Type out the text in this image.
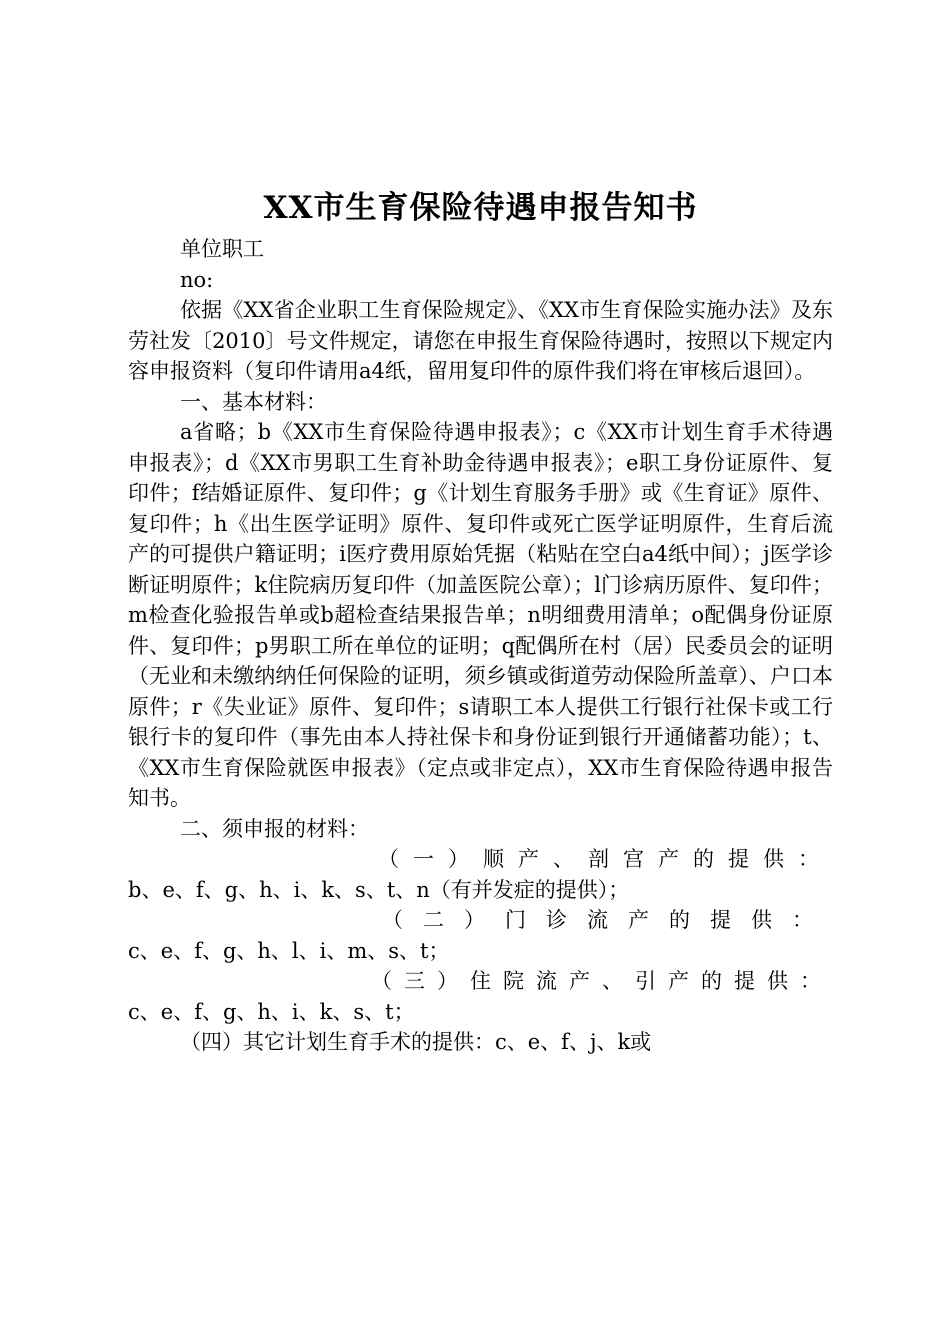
XX市生育保险待遇申报告知书

单位职工

no:

依据《XX省企业职工生育保险规定》、《XX市生育保险实施办法》及东劳社发〔2010〕号文件规定，请您在申报生育保险待遇时，按照以下规定内容申报资料（复印件请用a4纸，留用复印件的原件我们将在审核后退回）。

一、基本材料：

a省略；b《XX市生育保险待遇申报表》；c《XX市计划生育手术待遇申报表》；d《XX市男职工生育补助金待遇申报表》；e职工身份证原件、复印件；f结婚证原件、复印件；g《计划生育服务手册》或《生育证》原件、复印件；h《出生医学证明》原件、复印件或死亡医学证明原件，生育后流产的可提供户籍证明；i医疗费用原始凭据（粘贴在空白a4纸中间）；j医学诊断证明原件；k住院病历复印件（加盖医院公章）；l门诊病历原件、复印件；m检查化验报告单或b超检查结果报告单；n明细费用清单；o配偶身份证原件、复印件；p男职工所在单位的证明；q配偶所在村（居）民委员会的证明（无业和未缴纳纳任何保险的证明，须乡镇或街道劳动保险所盖章）、户口本原件；r《失业证》原件、复印件；s请职工本人提供工行银行社保卡或工行银行卡的复印件（事先由本人持社保卡和身份证到银行开通储蓄功能）；t、《XX市生育保险就医申报表》（定点或非定点），XX市生育保险待遇申报告知书。

二、须申报的材料：

（一）顺产、剖宫产的提供：

b、e、f、g、h、i、k、s、t、n（有并发症的提供）；

（二）门诊流产的提供：

c、e、f、g、h、l、i、m、s、t；

（三）住院流产、引产的提供：

c、e、f、g、h、i、k、s、t；

（四）其它计划生育手术的提供：c、e、f、j、k或
